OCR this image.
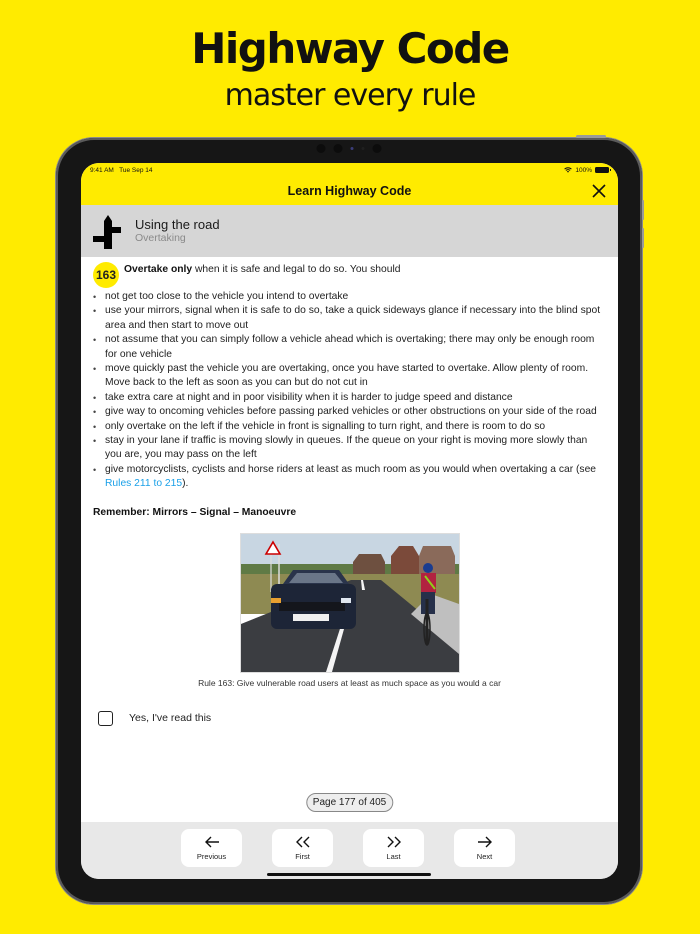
Highway Code
master every rule
9:41 AM Tue Sep 14	100%
Learn Highway Code
Using the road
Overtaking
163 Overtake only when it is safe and legal to do so. You should
• not get too close to the vehicle you intend to overtake
• use your mirrors, signal when it is safe to do so, take a quick sideways glance if necessary into the blind spot area and then start to move out
• not assume that you can simply follow a vehicle ahead which is overtaking; there may only be enough room for one vehicle
• move quickly past the vehicle you are overtaking, once you have started to overtake. Allow plenty of room. Move back to the left as soon as you can but do not cut in
• take extra care at night and in poor visibility when it is harder to judge speed and distance
• give way to oncoming vehicles before passing parked vehicles or other obstructions on your side of the road
• only overtake on the left if the vehicle in front is signalling to turn right, and there is room to do so
• stay in your lane if traffic is moving slowly in queues. If the queue on your right is moving more slowly than you are, you may pass on the left
• give motorcyclists, cyclists and horse riders at least as much room as you would when overtaking a car (see Rules 211 to 215).
Remember: Mirrors – Signal – Manoeuvre
Rule 163: Give vulnerable road users at least as much space as you would a car
Yes, I've read this
Page 177 of 405
Previous	First	Last	Next
